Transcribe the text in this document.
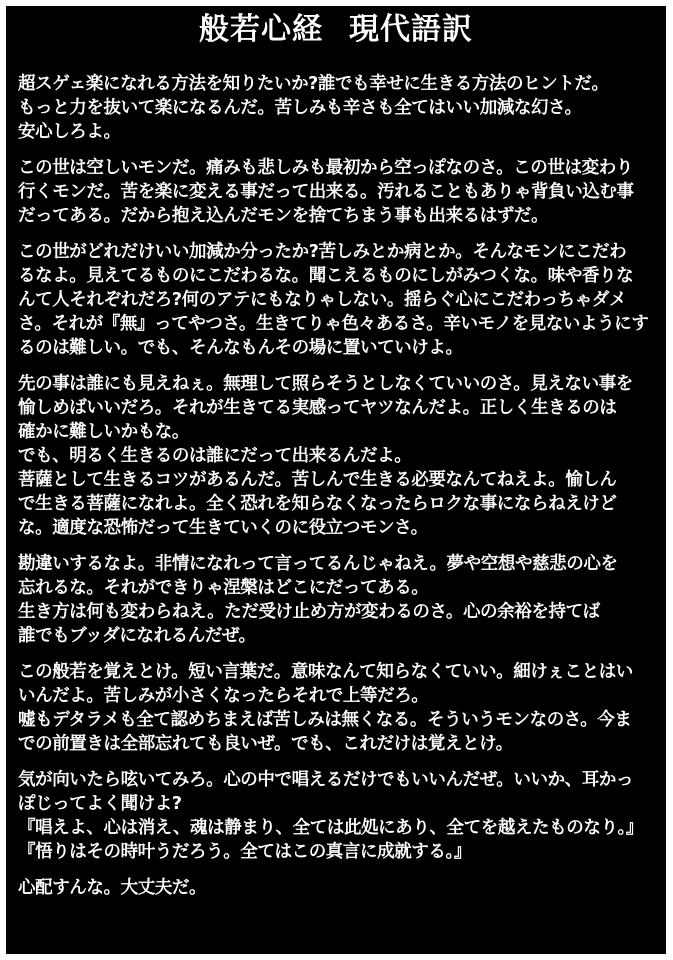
般若心経 現代語訳
超スゲェ楽になれる方法を知りたいか?誰でも幸せに生きる方法のヒントだ。
もっと力を抜いて楽になるんだ。苦しみも辛さも全てはいい加減な幻さ。
安心しろよ。
この世は空しいモンだ。痛みも悲しみも最初から空っぽなのさ。この世は変わり
行くモンだ。苦を楽に変える事だって出来る。汚れることもありゃ背負い込む事
だってある。だから抱え込んだモンを捨てちまう事も出来るはずだ。
この世がどれだけいい加減か分ったか?苦しみとか病とか。そんなモンにこだわ
るなよ。見えてるものにこだわるな。聞こえるものにしがみつくな。味や香りな
んて人それぞれだろ?何のアテにもなりゃしない。揺らぐ心にこだわっちゃダメ
さ。それが『無』ってやつさ。生きてりゃ色々あるさ。辛いモノを見ないようにす
るのは難しい。でも、そんなもんその場に置いていけよ。
先の事は誰にも見えねぇ。無理して照らそうとしなくていいのさ。見えない事を
愉しめばいいだろ。それが生きてる実感ってヤツなんだよ。正しく生きるのは
確かに難しいかもな。
でも、明るく生きるのは誰にだって出来るんだよ。
菩薩として生きるコツがあるんだ。苦しんで生きる必要なんてねえよ。愉しん
で生きる菩薩になれよ。全く恐れを知らなくなったらロクな事にならねえけど
な。適度な恐怖だって生きていくのに役立つモンさ。
勘違いするなよ。非情になれって言ってるんじゃねえ。夢や空想や慈悲の心を
忘れるな。それができりゃ涅槃はどこにだってある。
生き方は何も変わらねえ。ただ受け止め方が変わるのさ。心の余裕を持てば
誰でもブッダになれるんだぜ。
この般若を覚えとけ。短い言葉だ。意味なんて知らなくていい。細けぇことはい
いんだよ。苦しみが小さくなったらそれで上等だろ。
嘘もデタラメも全て認めちまえば苦しみは無くなる。そういうモンなのさ。今ま
での前置きは全部忘れても良いぜ。でも、これだけは覚えとけ。
気が向いたら呟いてみろ。心の中で唱えるだけでもいいんだぜ。いいか、耳かっ
ぽじってよく聞けよ?
『唱えよ、心は消え、魂は静まり、全ては此処にあり、全てを越えたものなり。』
『悟りはその時叶うだろう。全てはこの真言に成就する。』
心配すんな。大丈夫だ。
